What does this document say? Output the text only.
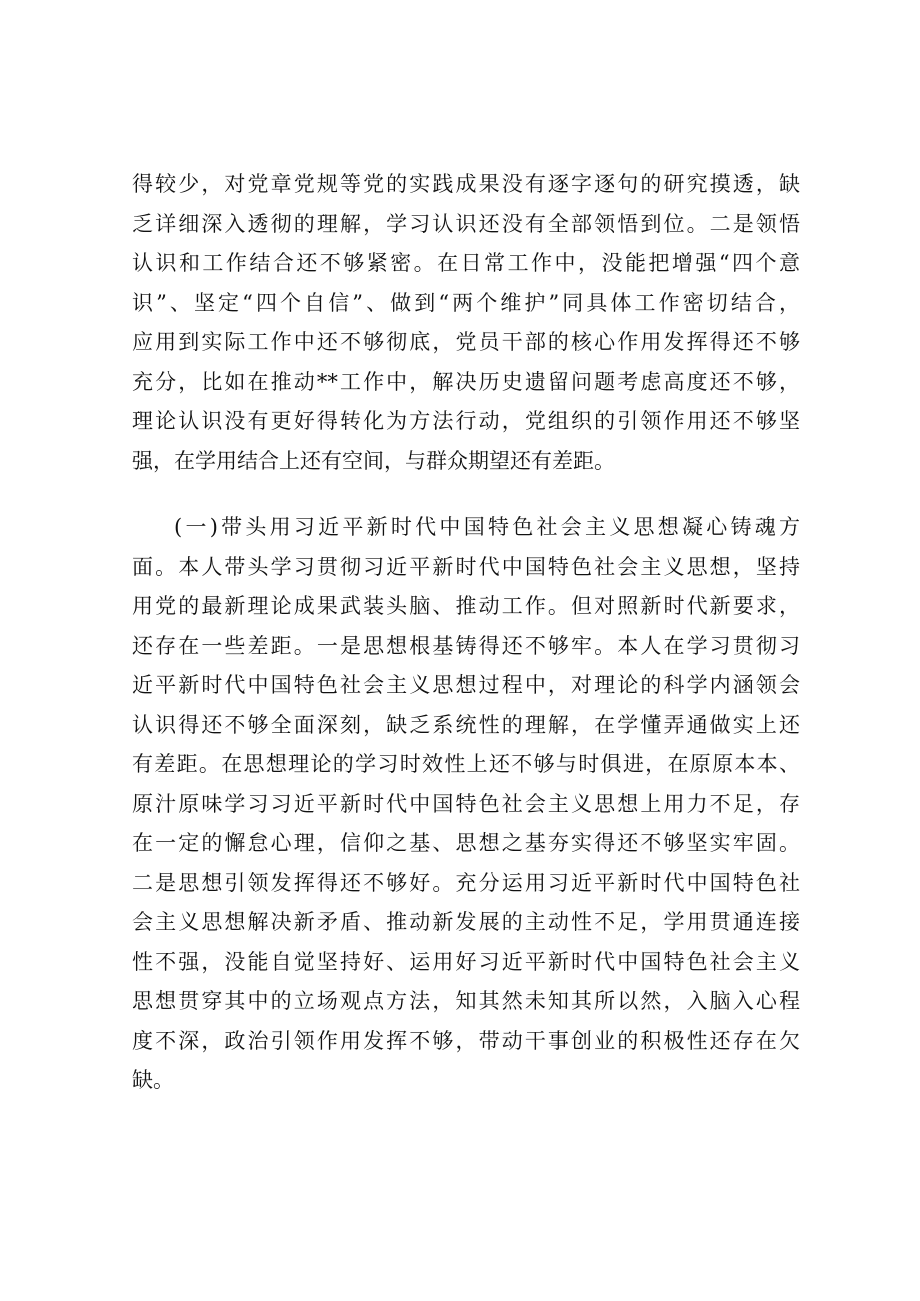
得较少，对党章党规等党的实践成果没有逐字逐句的研究摸透，缺
乏详细深入透彻的理解，学习认识还没有全部领悟到位。二是领悟
认识和工作结合还不够紧密。在日常工作中，没能把增强“四个意
识”、坚定“四个自信”、做到“两个维护”同具体工作密切结合，
应用到实际工作中还不够彻底，党员干部的核心作用发挥得还不够
充分，比如在推动**工作中，解决历史遗留问题考虑高度还不够，
理论认识没有更好得转化为方法行动，党组织的引领作用还不够坚
强，在学用结合上还有空间，与群众期望还有差距。
(一)带头用习近平新时代中国特色社会主义思想凝心铸魂方
面。本人带头学习贯彻习近平新时代中国特色社会主义思想，坚持
用党的最新理论成果武装头脑、推动工作。但对照新时代新要求，
还存在一些差距。一是思想根基铸得还不够牢。本人在学习贯彻习
近平新时代中国特色社会主义思想过程中，对理论的科学内涵领会
认识得还不够全面深刻，缺乏系统性的理解，在学懂弄通做实上还
有差距。在思想理论的学习时效性上还不够与时俱进，在原原本本、
原汁原味学习习近平新时代中国特色社会主义思想上用力不足，存
在一定的懈怠心理，信仰之基、思想之基夯实得还不够坚实牢固。
二是思想引领发挥得还不够好。充分运用习近平新时代中国特色社
会主义思想解决新矛盾、推动新发展的主动性不足，学用贯通连接
性不强，没能自觉坚持好、运用好习近平新时代中国特色社会主义
思想贯穿其中的立场观点方法，知其然未知其所以然，入脑入心程
度不深，政治引领作用发挥不够，带动干事创业的积极性还存在欠
缺。
